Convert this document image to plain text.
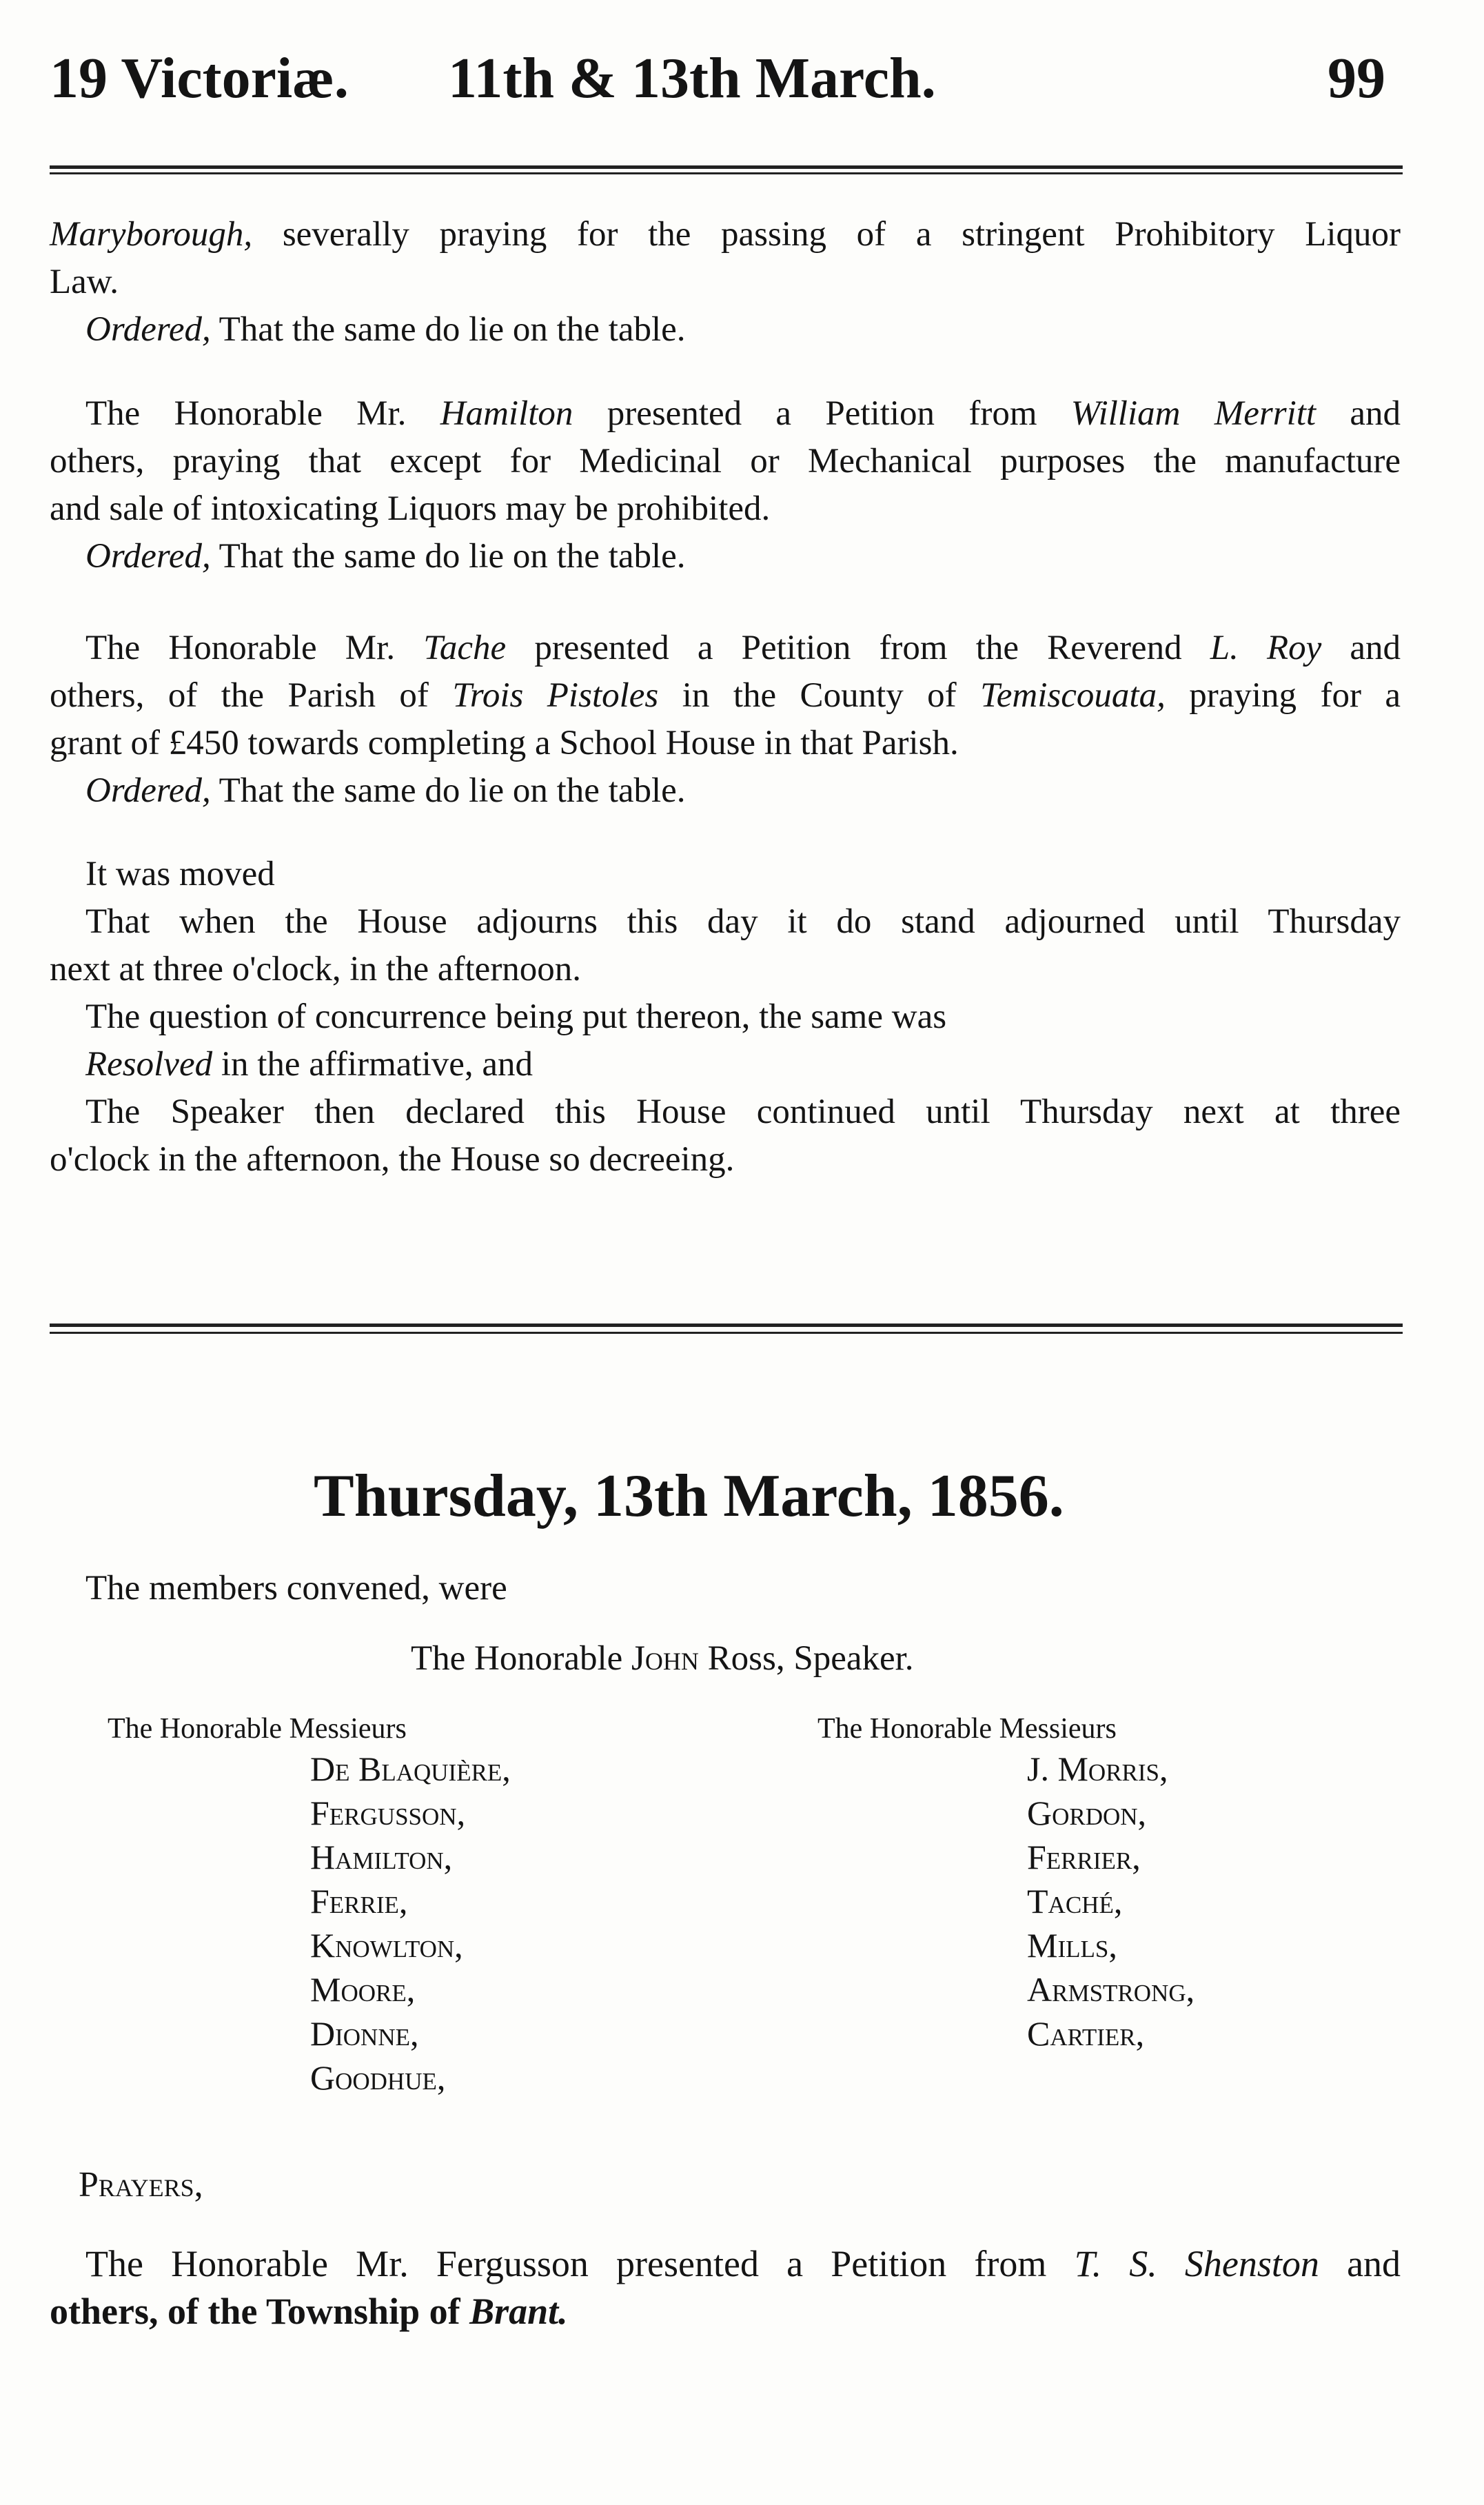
19 Victoriæ. 11th & 13th March.	99
Maryborough, severally praying for the passing of a stringent Prohibitory Liquor
Law.
Ordered, That the same do lie on the table.
The Honorable Mr. Hamilton presented a Petition from William Merritt and
others, praying that except for Medicinal or Mechanical purposes the manufacture
and sale of intoxicating Liquors may be prohibited.
Ordered, That the same do lie on the table.
The Honorable Mr. Tache presented a Petition from the Reverend L. Roy and
others, of the Parish of Trois Pistoles in the County of Temiscouata, praying for a
grant of £450 towards completing a School House in that Parish.
Ordered, That the same do lie on the table.
It was moved
That when the House adjourns this day it do stand adjourned until Thursday
next at three o'clock, in the afternoon.
The question of concurrence being put thereon, the same was
Resolved in the affirmative, and
The Speaker then declared this House continued until Thursday next at three
o'clock in the afternoon, the House so decreeing.
Thursday, 13th March, 1856.
The members convened, were
The Honorable John Ross, Speaker.
The Honorable Messieurs
De Blaquière,
Fergusson,
Hamilton,
Ferrie,
Knowlton,
Moore,
Dionne,
Goodhue,
The Honorable Messieurs
J. Morris,
Gordon,
Ferrier,
Taché,
Mills,
Armstrong,
Cartier,
Prayers,
The Honorable Mr. Fergusson presented a Petition from T. S. Shenston and
others, of the Township of Brant.
